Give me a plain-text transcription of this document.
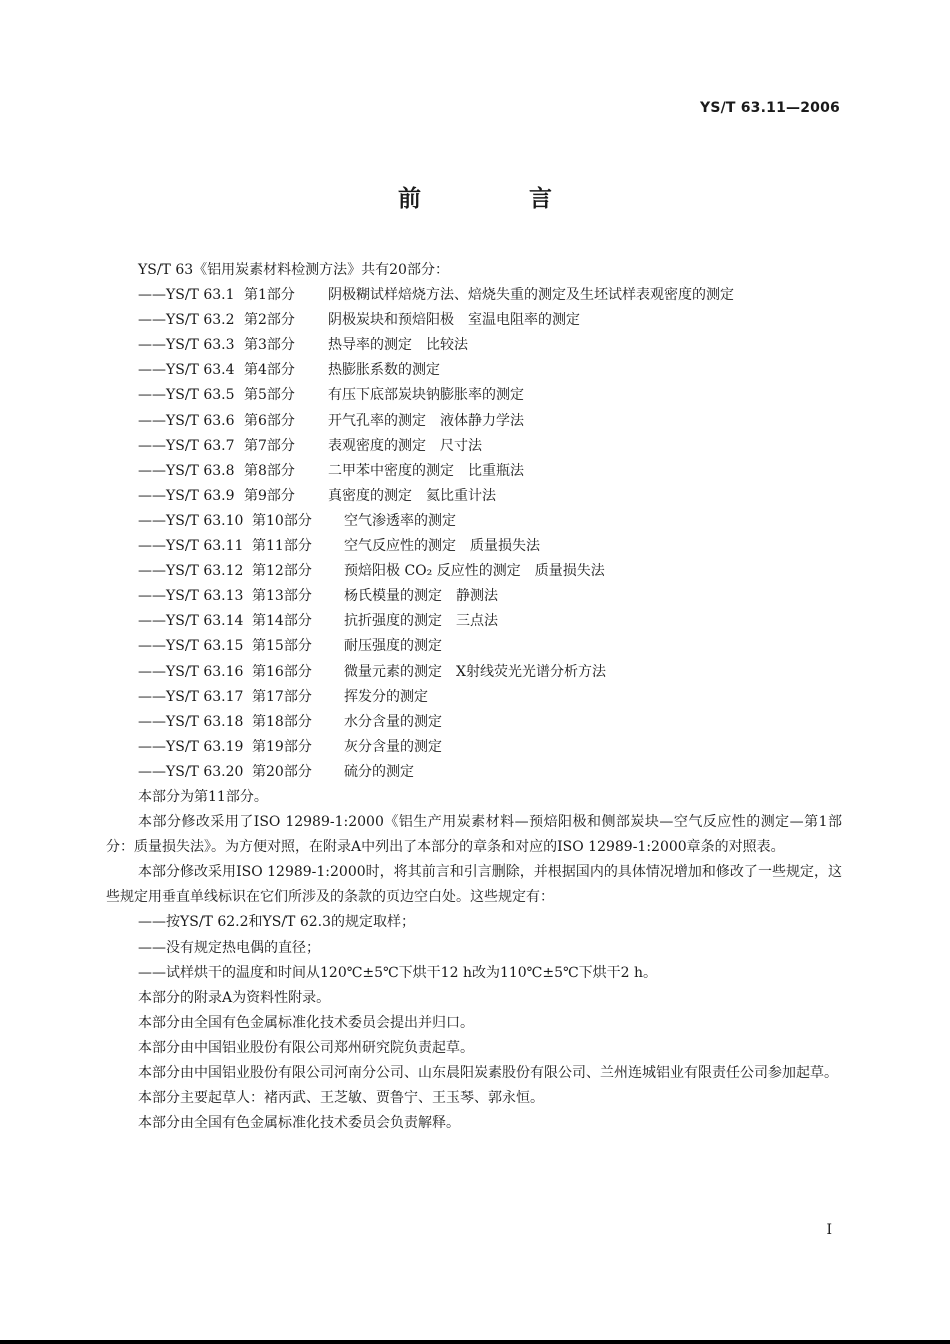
YS/T 63.11—2006
前 言

YS/T 63《铝用炭素材料检测方法》共有20部分：

——YS/T 63.1 第1部分 阴极糊试样焙烧方法、焙烧失重的测定及生坯试样表观密度的测定
——YS/T 63.2 第2部分 阴极炭块和预焙阳极　室温电阻率的测定
——YS/T 63.3 第3部分 热导率的测定　比较法
——YS/T 63.4 第4部分 热膨胀系数的测定
——YS/T 63.5 第5部分 有压下底部炭块钠膨胀率的测定
——YS/T 63.6 第6部分 开气孔率的测定　液体静力学法
——YS/T 63.7 第7部分 表观密度的测定　尺寸法
——YS/T 63.8 第8部分 二甲苯中密度的测定　比重瓶法
——YS/T 63.9 第9部分 真密度的测定　氦比重计法
——YS/T 63.10 第10部分 空气渗透率的测定
——YS/T 63.11 第11部分 空气反应性的测定　质量损失法
——YS/T 63.12 第12部分 预焙阳极 CO₂ 反应性的测定　质量损失法
——YS/T 63.13 第13部分 杨氏模量的测定　静测法
——YS/T 63.14 第14部分 抗折强度的测定　三点法
——YS/T 63.15 第15部分 耐压强度的测定
——YS/T 63.16 第16部分 微量元素的测定　X射线荧光光谱分析方法
——YS/T 63.17 第17部分 挥发分的测定
——YS/T 63.18 第18部分 水分含量的测定
——YS/T 63.19 第19部分 灰分含量的测定
——YS/T 63.20 第20部分 硫分的测定

本部分为第11部分。

本部分修改采用了ISO 12989-1:2000《铝生产用炭素材料—预焙阳极和侧部炭块—空气反应性的测定—第1部分：质量损失法》。为方便对照，在附录A中列出了本部分的章条和对应的ISO 12989-1:2000章条的对照表。

本部分修改采用ISO 12989-1:2000时，将其前言和引言删除，并根据国内的具体情况增加和修改了一些规定，这些规定用垂直单线标识在它们所涉及的条款的页边空白处。这些规定有：

——按YS/T 62.2和YS/T 62.3的规定取样；

——没有规定热电偶的直径；

——试样烘干的温度和时间从120℃±5℃下烘干12 h改为110℃±5℃下烘干2 h。

本部分的附录A为资料性附录。

本部分由全国有色金属标准化技术委员会提出并归口。

本部分由中国铝业股份有限公司郑州研究院负责起草。

本部分由中国铝业股份有限公司河南分公司、山东晨阳炭素股份有限公司、兰州连城铝业有限责任公司参加起草。

本部分主要起草人：褚丙武、王芝敏、贾鲁宁、王玉琴、郭永恒。

本部分由全国有色金属标准化技术委员会负责解释。

I
